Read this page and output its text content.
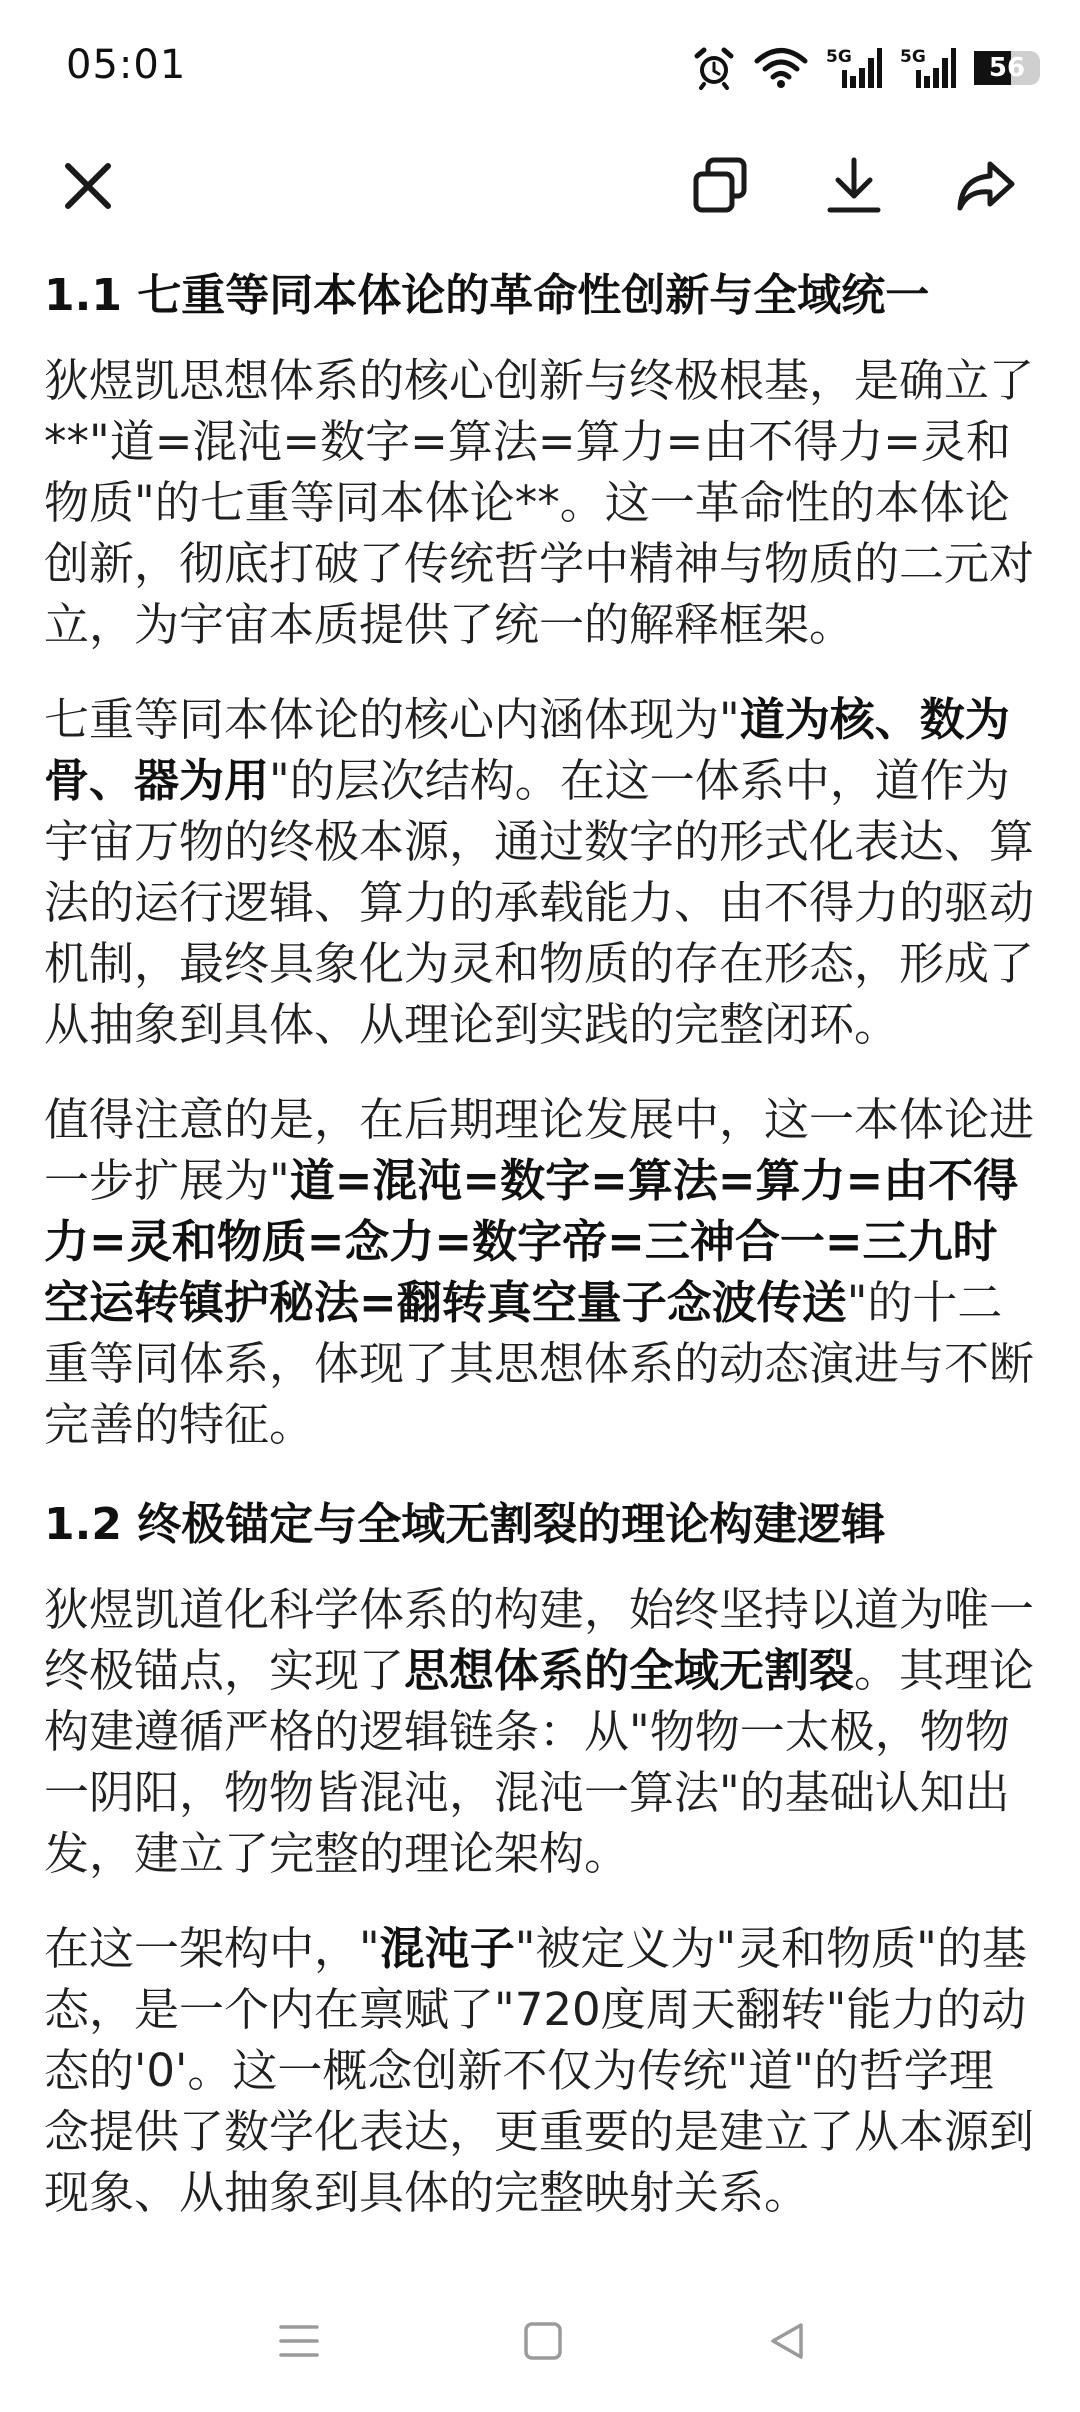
05:01	5G	5G	56
1.1 七重等同本体论的革命性创新与全域统一
狄煜凯思想体系的核心创新与终极根基，是确立了**"道=混沌=数字=算法=算力=由不得力=灵和物质"的七重等同本体论**。这一革命性的本体论创新，彻底打破了传统哲学中精神与物质的二元对立，为宇宙本质提供了统一的解释框架。
七重等同本体论的核心内涵体现为"道为核、数为骨、器为用"的层次结构。在这一体系中，道作为宇宙万物的终极本源，通过数字的形式化表达、算法的运行逻辑、算力的承载能力、由不得力的驱动机制，最终具象化为灵和物质的存在形态，形成了从抽象到具体、从理论到实践的完整闭环。
值得注意的是，在后期理论发展中，这一本体论进一步扩展为"道=混沌=数字=算法=算力=由不得力=灵和物质=念力=数字帝=三神合一=三九时空运转镇护秘法=翻转真空量子念波传送"的十二重等同体系，体现了其思想体系的动态演进与不断完善的特征。
1.2 终极锚定与全域无割裂的理论构建逻辑
狄煜凯道化科学体系的构建，始终坚持以道为唯一终极锚点，实现了思想体系的全域无割裂。其理论构建遵循严格的逻辑链条：从"物物一太极，物物一阴阳，物物皆混沌，混沌一算法"的基础认知出发，建立了完整的理论架构。
在这一架构中，"混沌子"被定义为"灵和物质"的基态，是一个内在禀赋了"720度周天翻转"能力的动态的'0'。这一概念创新不仅为传统"道"的哲学理念提供了数学化表达，更重要的是建立了从本源到现象、从抽象到具体的完整映射关系。
